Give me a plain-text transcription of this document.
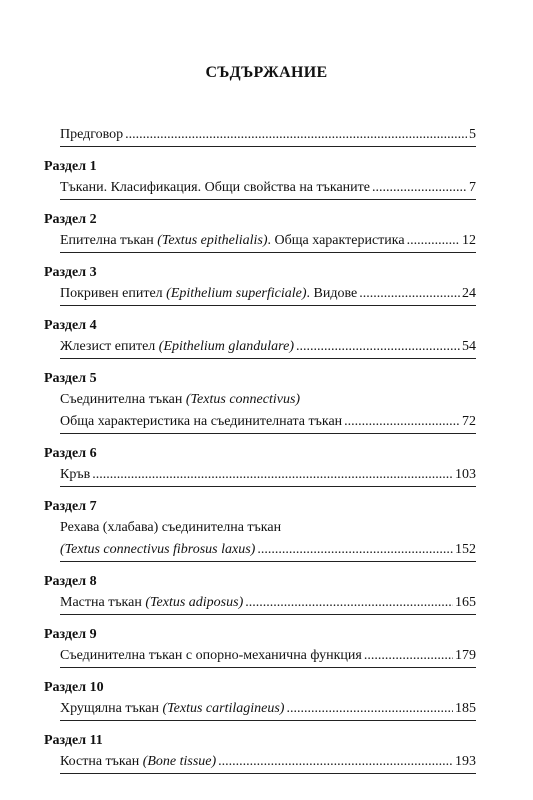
СЪДЪРЖАНИЕ
Предговор .....	5
Раздел 1
Тъкани. Класификация. Общи свойства на тъканите .....	7
Раздел 2
Епителна тъкан (Textus epithelialis). Обща характеристика .....	12
Раздел 3
Покривен епител (Epithelium superficiale). Видове .....	24
Раздел 4
Жлезист епител (Epithelium glandulare) .....	54
Раздел 5
Съединителна тъкан (Textus connectivus)
Обща характеристика на съединителната тъкан .....	72
Раздел 6
Кръв .....	103
Раздел 7
Рехава (хлабава) съединителна тъкан
(Textus connectivus fibrosus laxus) .....	152
Раздел 8
Мастна тъкан (Textus adiposus) .....	165
Раздел 9
Съединителна тъкан с опорно-механична функция .....	179
Раздел 10
Хрущялна тъкан (Textus cartilagineus) .....	185
Раздел 11
Костна тъкан (Bone tissue) .....	193
